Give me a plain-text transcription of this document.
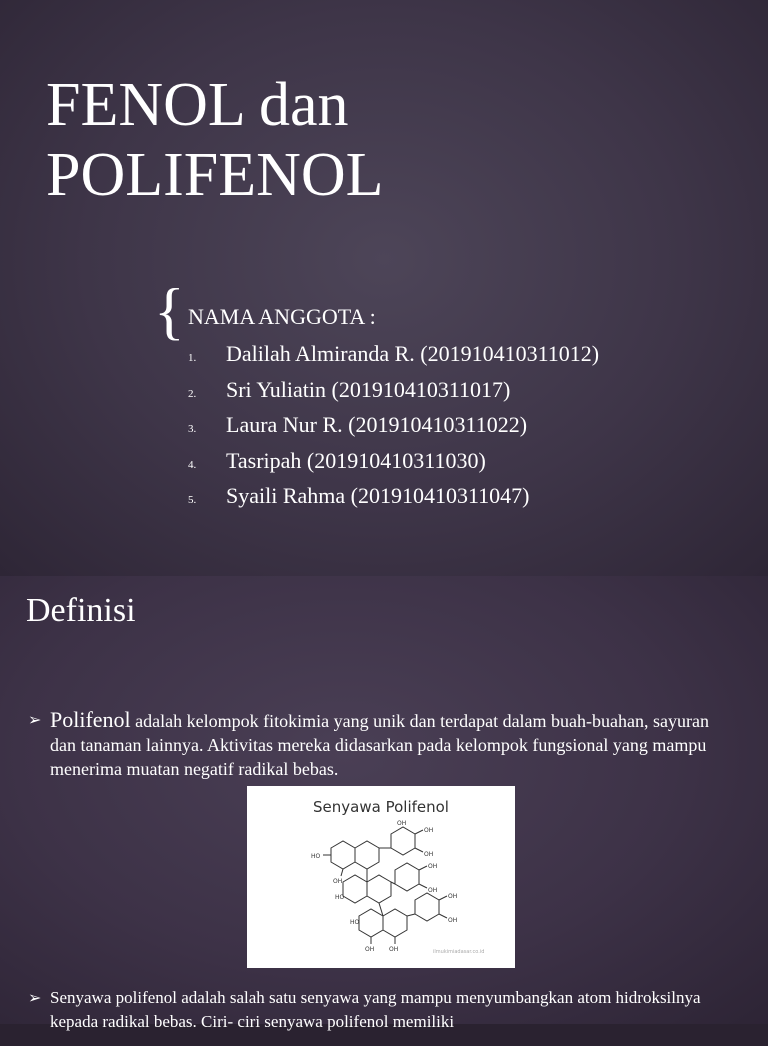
FENOL dan
POLIFENOL
{ NAMA ANGGOTA :
1. Dalilah Almiranda R. (201910410311012)
2. Sri Yuliatin (201910410311017)
3. Laura Nur R. (201910410311022)
4. Tasripah (201910410311030)
5. Syaili Rahma (201910410311047)
Definisi
➢ Polifenol adalah kelompok fitokimia yang unik dan terdapat dalam buah-buahan, sayuran dan tanaman lainnya. Aktivitas mereka didasarkan pada kelompok fungsional yang mampu menerima muatan negatif radikal bebas.
Senyawa Polifenol
OH
OH
OH
HO
OH
OH
OH
HO	OH
OH
HO
OH OH	ilmukimiadasar.co.id
➢ Senyawa polifenol adalah salah satu senyawa yang mampu menyumbangkan atom hidroksilnya kepada radikal bebas. Ciri- ciri senyawa polifenol memiliki
